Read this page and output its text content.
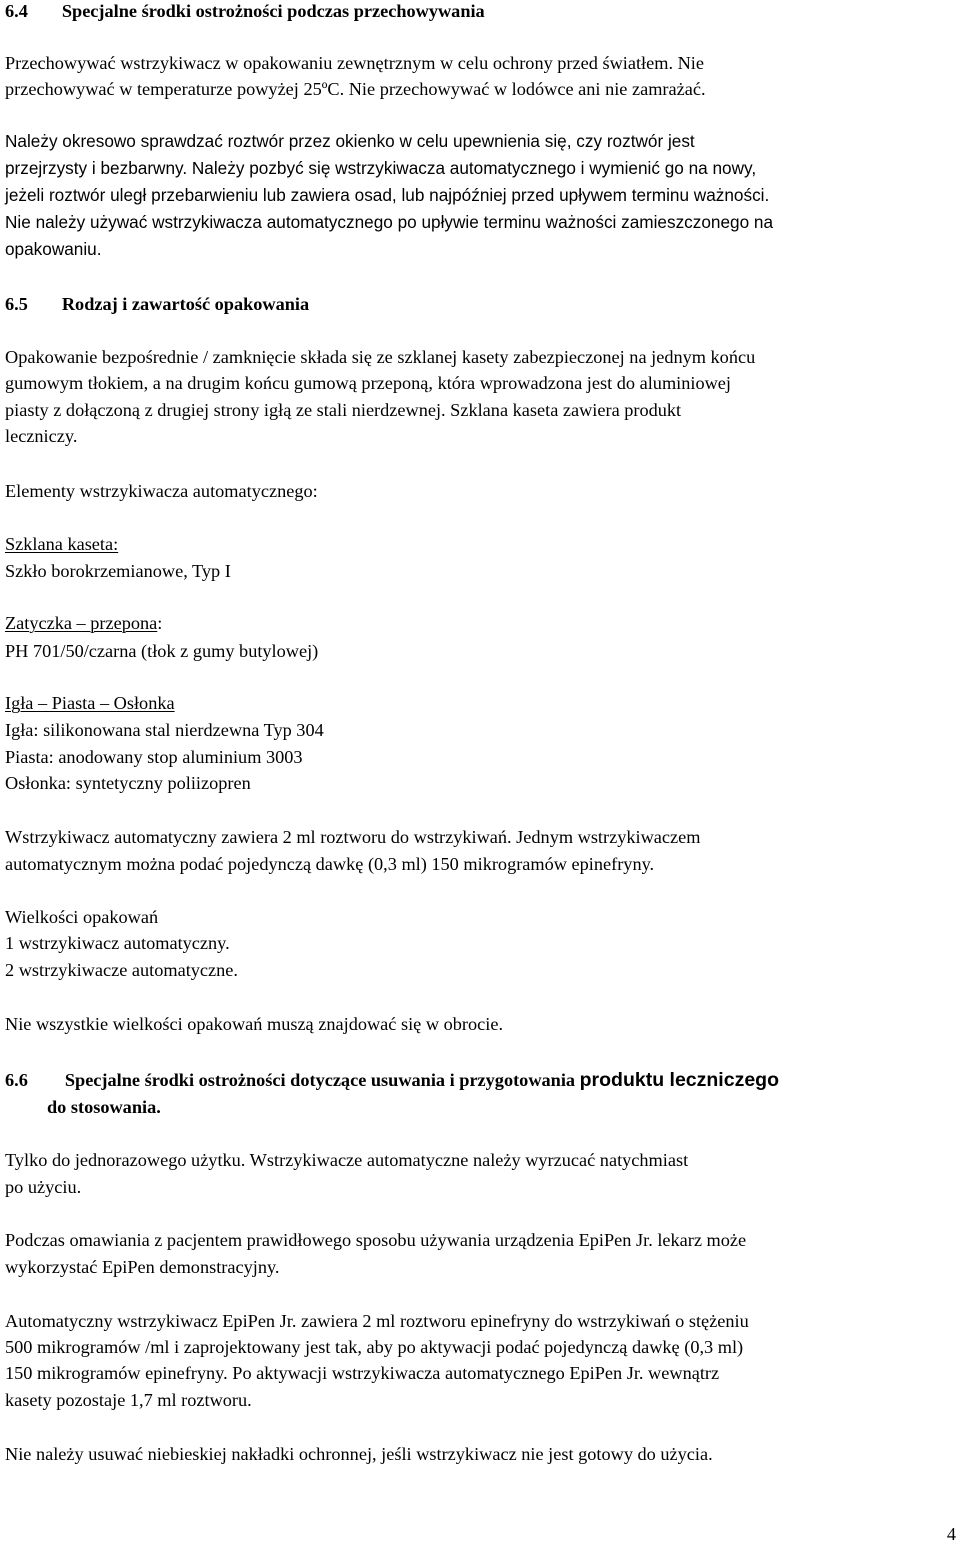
6.4 Specjalne środki ostrożności podczas przechowywania
Przechowywać wstrzykiwacz w opakowaniu zewnętrznym w celu ochrony przed światłem. Nie
przechowywać w temperaturze powyżej 25ºC. Nie przechowywać w lodówce ani nie zamrażać.
Należy okresowo sprawdzać roztwór przez okienko w celu upewnienia się, czy roztwór jest
przejrzysty i bezbarwny. Należy pozbyć się wstrzykiwacza automatycznego i wymienić go na nowy,
jeżeli roztwór uległ przebarwieniu lub zawiera osad, lub najpóźniej przed upływem terminu ważności.
Nie należy używać wstrzykiwacza automatycznego po upływie terminu ważności zamieszczonego na
opakowaniu.
6.5 Rodzaj i zawartość opakowania
Opakowanie bezpośrednie / zamknięcie składa się ze szklanej kasety zabezpieczonej na jednym końcu
gumowym tłokiem, a na drugim końcu gumową przeponą, która wprowadzona jest do aluminiowej
piasty z dołączoną z drugiej strony igłą ze stali nierdzewnej. Szklana kaseta zawiera produkt
leczniczy.
Elementy wstrzykiwacza automatycznego:
Szklana kaseta:
Szkło borokrzemianowe, Typ I
Zatyczka – przepona:
PH 701/50/czarna (tłok z gumy butylowej)
Igła – Piasta – Osłonka
Igła: silikonowana stal nierdzewna Typ 304
Piasta: anodowany stop aluminium 3003
Osłonka: syntetyczny poliizopren
Wstrzykiwacz automatyczny zawiera 2 ml roztworu do wstrzykiwań. Jednym wstrzykiwaczem
automatycznym można podać pojedynczą dawkę (0,3 ml) 150 mikrogramów epinefryny.
Wielkości opakowań
1 wstrzykiwacz automatyczny.
2 wstrzykiwacze automatyczne.
Nie wszystkie wielkości opakowań muszą znajdować się w obrocie.
6.6 Specjalne środki ostrożności dotyczące usuwania i przygotowania produktu leczniczego
do stosowania.
Tylko do jednorazowego użytku. Wstrzykiwacze automatyczne należy wyrzucać natychmiast
po użyciu.
Podczas omawiania z pacjentem prawidłowego sposobu używania urządzenia EpiPen Jr. lekarz może
wykorzystać EpiPen demonstracyjny.
Automatyczny wstrzykiwacz EpiPen Jr. zawiera 2 ml roztworu epinefryny do wstrzykiwań o stężeniu
500 mikrogramów /ml i zaprojektowany jest tak, aby po aktywacji podać pojedynczą dawkę (0,3 ml)
150 mikrogramów epinefryny. Po aktywacji wstrzykiwacza automatycznego EpiPen Jr. wewnątrz
kasety pozostaje 1,7 ml roztworu.
Nie należy usuwać niebieskiej nakładki ochronnej, jeśli wstrzykiwacz nie jest gotowy do użycia.
4
